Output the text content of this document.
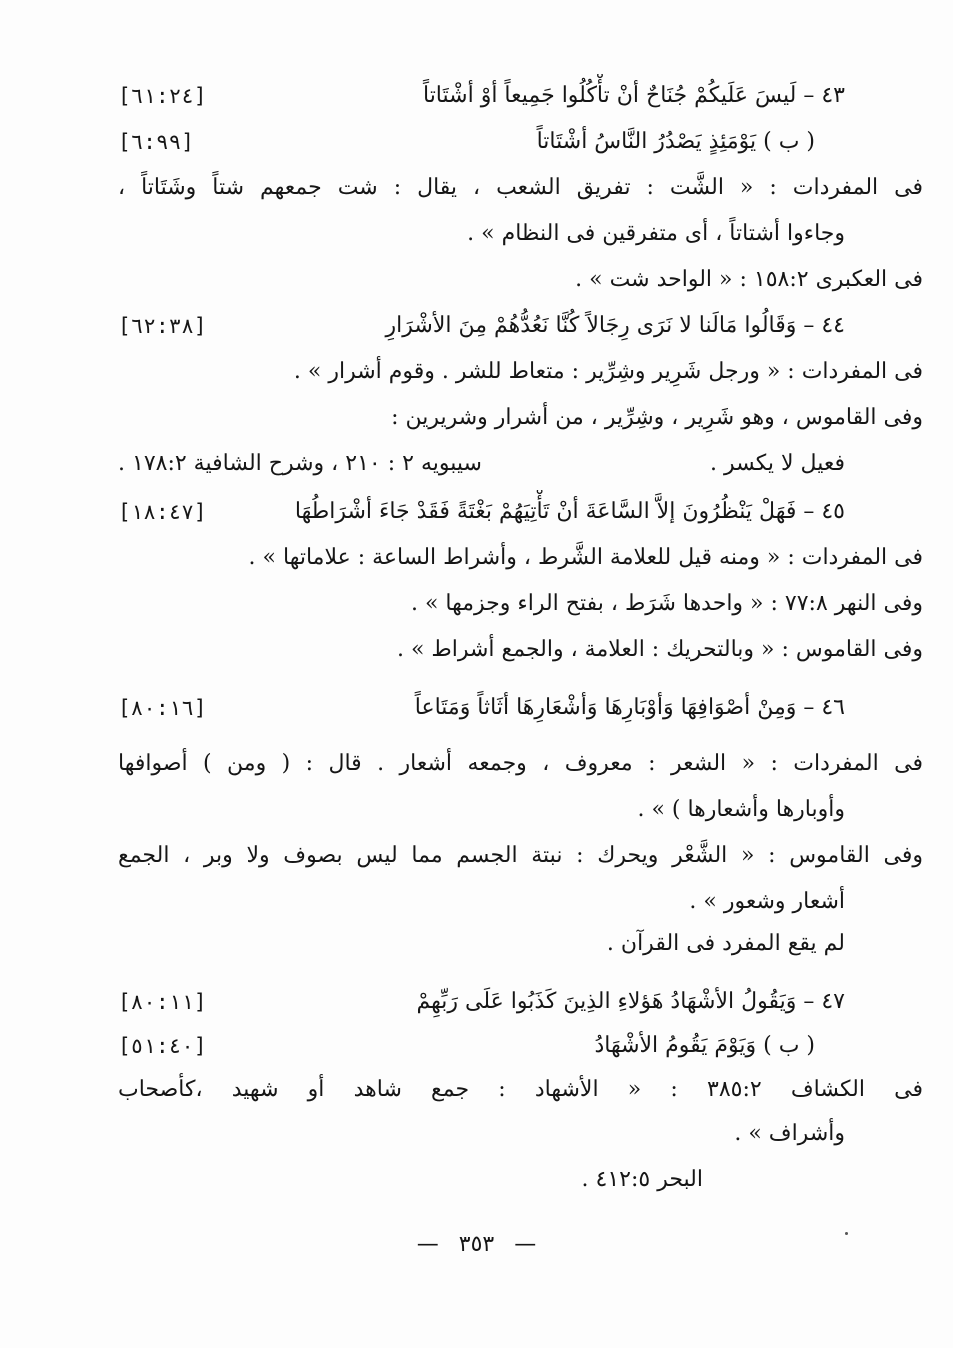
٤٣ – لَيسَ عَلَيكُمْ جُنَاحٌ أنْ تأْكُلُوا جَمِيعاً أوْ أشْتَاتاً
[٦١:٢٤]
( ب ) يَوْمَئِذٍ يَصْدُرُ النَّاسُ أشْتَاتاً
[٦:٩٩]
فى المفردات : « الشَّت : تفريق الشعب ، يقال : شت جمعهم شتاً وشَتَاتاً ،
وجاءوا أشتاتاً ، أى متفرقين فى النظام » .
فى العكبرى ١٥٨:٢ : « الواحد شت » .
٤٤ – وَقَالُوا مَالَنا لا نَرَى رِجَالاً كُنَّا نَعُدُّهُمْ مِنَ الأشْرَارِ
[٦٢:٣٨]
فى المفردات : « ورجل شَرِير وشِرِّير : متعاط للشر . وقوم أشرار » .
وفى القاموس ، وهو شَرِير ، وشِرِّير ، من أشرار وشريرين :
فعيل لا يكسر .
سيبويه ٢ : ٢١٠ ، وشرح الشافية ١٧٨:٢ .
٤٥ – فَهَلْ يَنْظُرُونَ إلاَّ السَّاعَةَ أنْ تَأْتِيَهُمْ بَغْتَةً فَقَدْ جَاءَ أشْرَاطُهَا
[١٨:٤٧]
فى المفردات : « ومنه قيل للعلامة الشَّرط ، وأشراط الساعة : علاماتها » .
وفى النهر ٧٧:٨ : « واحدها شَرَط ، بفتح الراء وجزمها » .
وفى القاموس : « وبالتحريك : العلامة ، والجمع أشراط » .
٤٦ – وَمِنْ أصْوَافِهَا وَأوْبَارِهَا وَأشْعَارِهَا أثَاثاً وَمَتَاعاً
[٨٠:١٦]
فى المفردات : « الشعر : معروف ، وجمعه أشعار . قال : ( ومن ) أصوافها
وأوبارها وأشعارها ) » .
وفى القاموس : « الشَّعْر ويحرك : نبتة الجسم مما ليس بصوف ولا وبر ، الجمع
أشعار وشعور » .
لم يقع المفرد فى القرآن .
٤٧ – وَيَقُولُ الأشْهَادُ هَؤلاءِ الذِينَ كَذَبُوا عَلَى رَبِّهِمْ
[٨٠:١١]
( ب ) وَيَوْمَ يَقُومُ الأشْهَادُ
[٥١:٤٠]
فى الكشاف ٣٨٥:٢ : « الأشهاد : جمع شاهد أو شهيد ،كأصحاب
وأشراف » .
البحر ٤١٢:٥ .
— ٣٥٣ —
